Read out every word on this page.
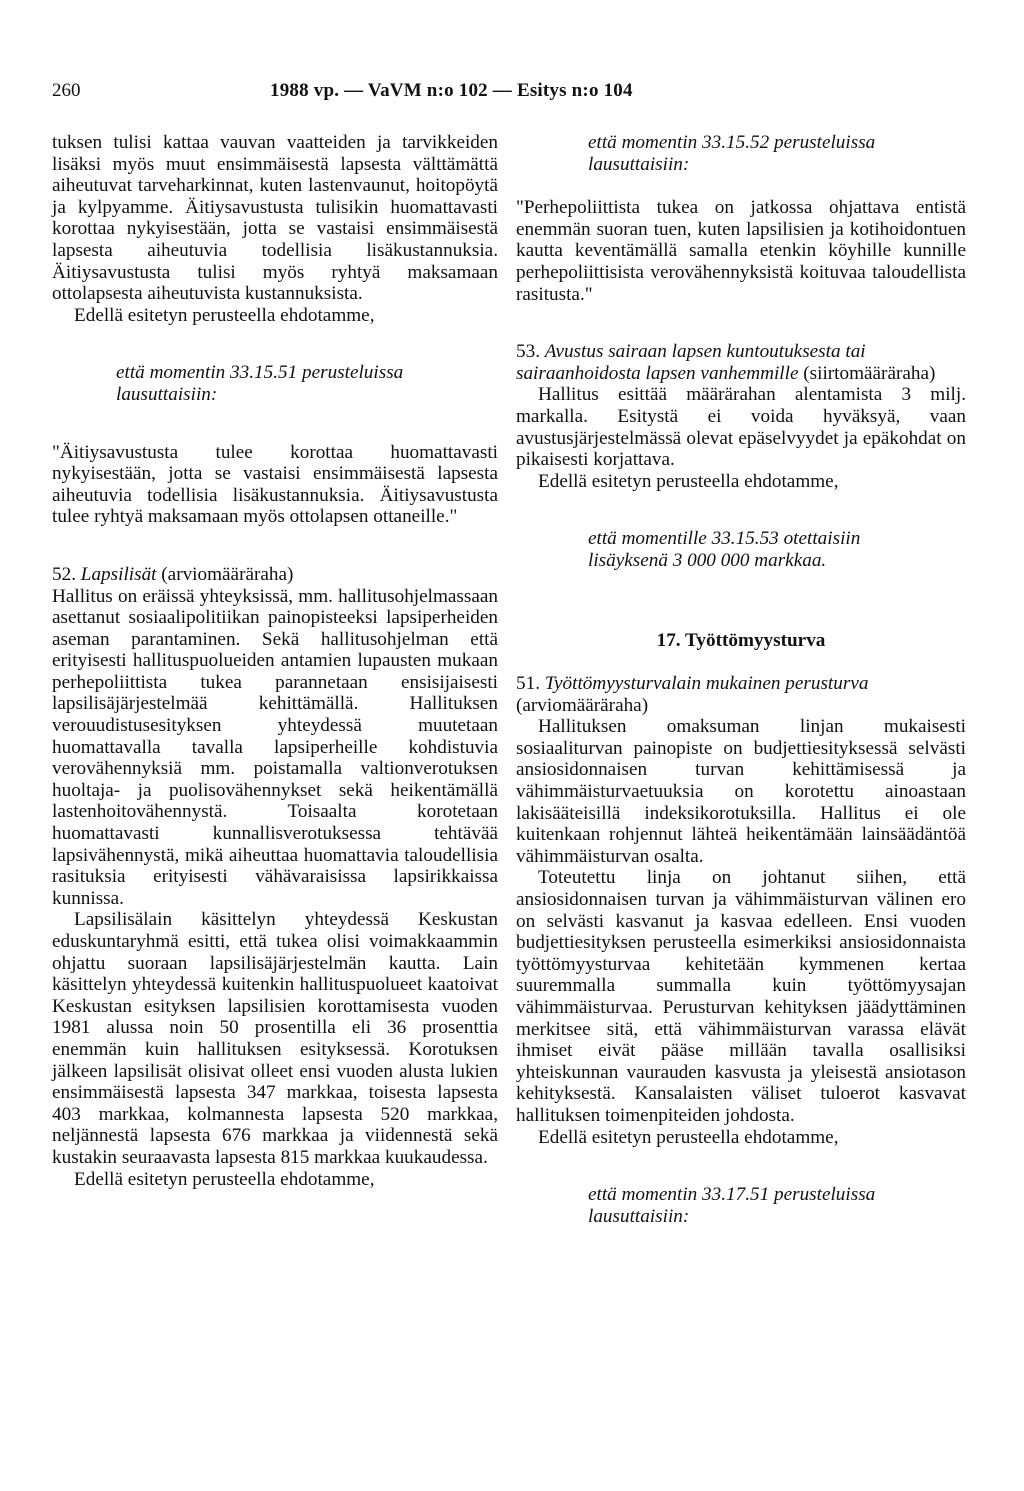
260	1988 vp. — VaVM n:o 102 — Esitys n:o 104

tuksen tulisi kattaa vauvan vaatteiden ja tarvikkeiden lisäksi myös muut ensimmäisestä lapsesta välttämättä aiheutuvat tarveharkinnat, kuten lastenvaunut, hoitopöytä ja kylpyamme. Äitiysavustusta tulisikin huomattavasti korottaa nykyisestään, jotta se vastaisi ensimmäisestä lapsesta aiheutuvia todellisia lisäkustannuksia. Äitiysavustusta tulisi myös ryhtyä maksamaan ottolapsesta aiheutuvista kustannuksista.

Edellä esitetyn perusteella ehdotamme,

että momentin 33.15.51 perusteluissa lausuttaisiin:

"Äitiysavustusta tulee korottaa huomattavasti nykyisestään, jotta se vastaisi ensimmäisestä lapsesta aiheutuvia todellisia lisäkustannuksia. Äitiysavustusta tulee ryhtyä maksamaan myös ottolapsen ottaneille."

52. Lapsilisät (arviomääräraha)

Hallitus on eräissä yhteyksissä, mm. hallitusohjelmassaan asettanut sosiaalipolitiikan painopisteeksi lapsiperheiden aseman parantaminen. Sekä hallitusohjelman että erityisesti hallituspuolueiden antamien lupausten mukaan perhepoliittista tukea parannetaan ensisijaisesti lapsilisäjärjestelmää kehittämällä. Hallituksen verouudistusesityksen yhteydessä muutetaan huomattavalla tavalla lapsiperheille kohdistuvia verovähennyksiä mm. poistamalla valtionverotuksen huoltaja- ja puolisovähennykset sekä heikentämällä lastenhoitovähennystä. Toisaalta korotetaan huomattavasti kunnallisverotuksessa tehtävää lapsivähennystä, mikä aiheuttaa huomattavia taloudellisia rasituksia erityisesti vähävaraisissa lapsirikkaissa kunnissa.

Lapsilisälain käsittelyn yhteydessä Keskustan eduskuntaryhmä esitti, että tukea olisi voimakkaammin ohjattu suoraan lapsilisäjärjestelmän kautta. Lain käsittelyn yhteydessä kuitenkin hallituspuolueet kaatoivat Keskustan esityksen lapsilisien korottamisesta vuoden 1981 alussa noin 50 prosentilla eli 36 prosenttia enemmän kuin hallituksen esityksessä. Korotuksen jälkeen lapsilisät olisivat olleet ensi vuoden alusta lukien ensimmäisestä lapsesta 347 markkaa, toisesta lapsesta 403 markkaa, kolmannesta lapsesta 520 markkaa, neljännestä lapsesta 676 markkaa ja viidennestä sekä kustakin seuraavasta lapsesta 815 markkaa kuukaudessa.

Edellä esitetyn perusteella ehdotamme,

että momentin 33.15.52 perusteluissa lausuttaisiin:

"Perhepoliittista tukea on jatkossa ohjattava entistä enemmän suoran tuen, kuten lapsilisien ja kotihoidontuen kautta keventämällä samalla etenkin köyhille kunnille perhepoliittisista verovähennyksistä koituvaa taloudellista rasitusta."

53. Avustus sairaan lapsen kuntoutuksesta tai sairaanhoidosta lapsen vanhemmille (siirtomääräraha)

Hallitus esittää määrärahan alentamista 3 milj. markalla. Esitystä ei voida hyväksyä, vaan avustusjärjestelmässä olevat epäselvyydet ja epäkohdat on pikaisesti korjattava.

Edellä esitetyn perusteella ehdotamme,

että momentille 33.15.53 otettaisiin lisäyksenä 3 000 000 markkaa.

17. Työttömyysturva

51. Työttömyysturvalain mukainen perusturva (arviomääräraha)

Hallituksen omaksuman linjan mukaisesti sosiaaliturvan painopiste on budjettiesityksessä selvästi ansiosidonnaisen turvan kehittämisessä ja vähimmäisturvaetuuksia on korotettu ainoastaan lakisääteisillä indeksikorotuksilla. Hallitus ei ole kuitenkaan rohjennut lähteä heikentämään lainsäädäntöä vähimmäisturvan osalta.

Toteutettu linja on johtanut siihen, että ansiosidonnaisen turvan ja vähimmäisturvan välinen ero on selvästi kasvanut ja kasvaa edelleen. Ensi vuoden budjettiesityksen perusteella esimerkiksi ansiosidonnaista työttömyysturvaa kehitetään kymmenen kertaa suuremmalla summalla kuin työttömyysajan vähimmäisturvaa. Perusturvan kehityksen jäädyttäminen merkitsee sitä, että vähimmäisturvan varassa elävät ihmiset eivät pääse millään tavalla osallisiksi yhteiskunnan vaurauden kasvusta ja yleisestä ansiotason kehityksestä. Kansalaisten väliset tuloerot kasvavat hallituksen toimenpiteiden johdosta.

Edellä esitetyn perusteella ehdotamme,

että momentin 33.17.51 perusteluissa lausuttaisiin:
